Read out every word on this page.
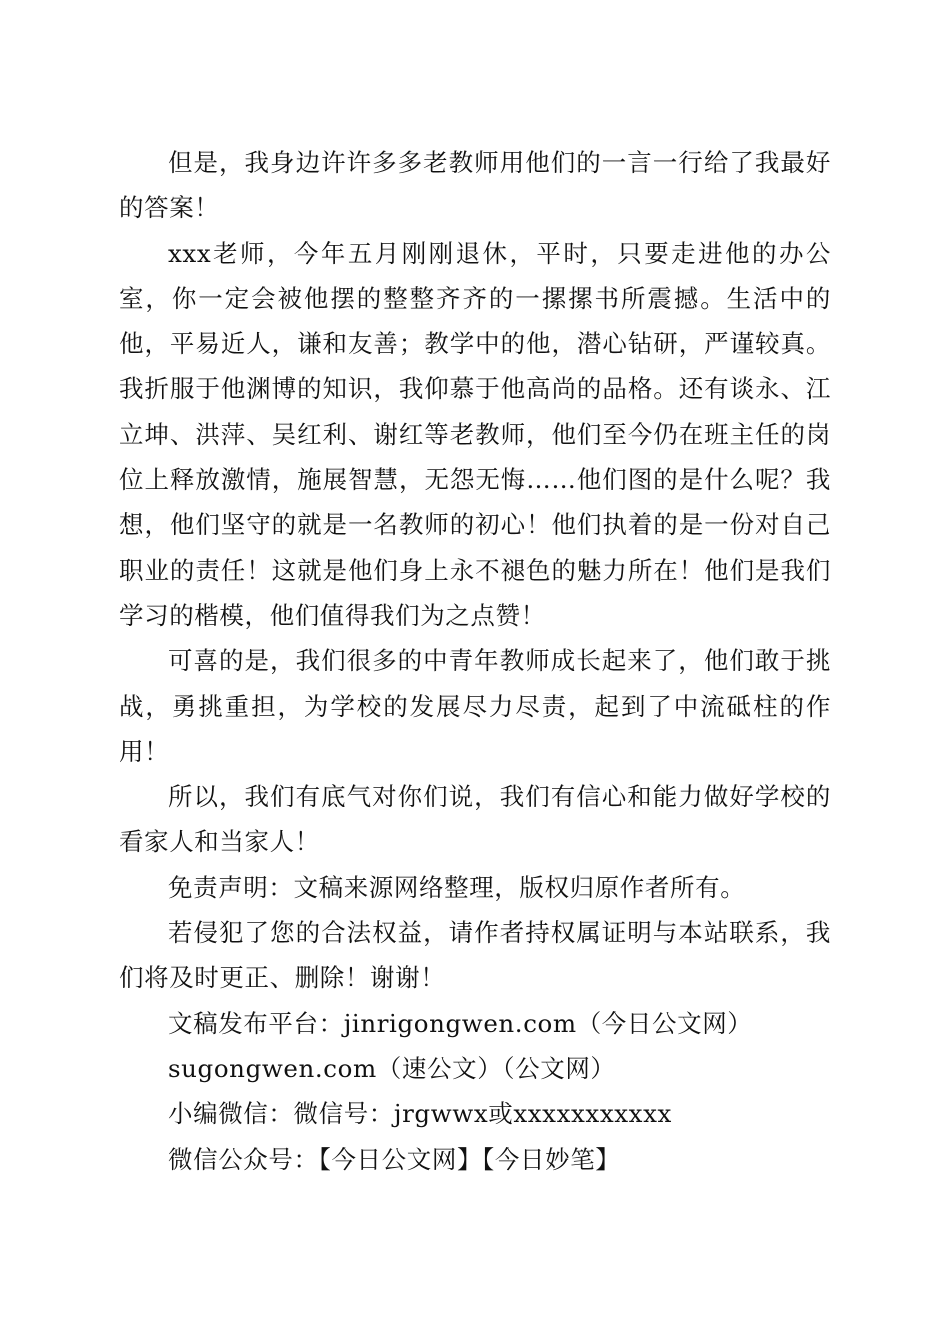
但是，我身边许许多多老教师用他们的一言一行给了我最好的答案！

xxx老师，今年五月刚刚退休，平时，只要走进他的办公室，你一定会被他摆的整整齐齐的一摞摞书所震撼。生活中的他，平易近人，谦和友善；教学中的他，潜心钻研，严谨较真。我折服于他渊博的知识，我仰慕于他高尚的品格。还有谈永、江立坤、洪萍、吴红利、谢红等老教师，他们至今仍在班主任的岗位上释放激情，施展智慧，无怨无悔……他们图的是什么呢？我想，他们坚守的就是一名教师的初心！他们执着的是一份对自己职业的责任！这就是他们身上永不褪色的魅力所在！他们是我们学习的楷模，他们值得我们为之点赞！

可喜的是，我们很多的中青年教师成长起来了，他们敢于挑战，勇挑重担，为学校的发展尽力尽责，起到了中流砥柱的作用！

所以，我们有底气对你们说，我们有信心和能力做好学校的看家人和当家人！

免责声明：文稿来源网络整理，版权归原作者所有。

若侵犯了您的合法权益，请作者持权属证明与本站联系，我们将及时更正、删除！谢谢！

文稿发布平台：jinrigongwen.com（今日公文网）

sugongwen.com（速公文）（公文网）

小编微信：微信号：jrgwwx或xxxxxxxxxxx

微信公众号：【今日公文网】【今日妙笔】
